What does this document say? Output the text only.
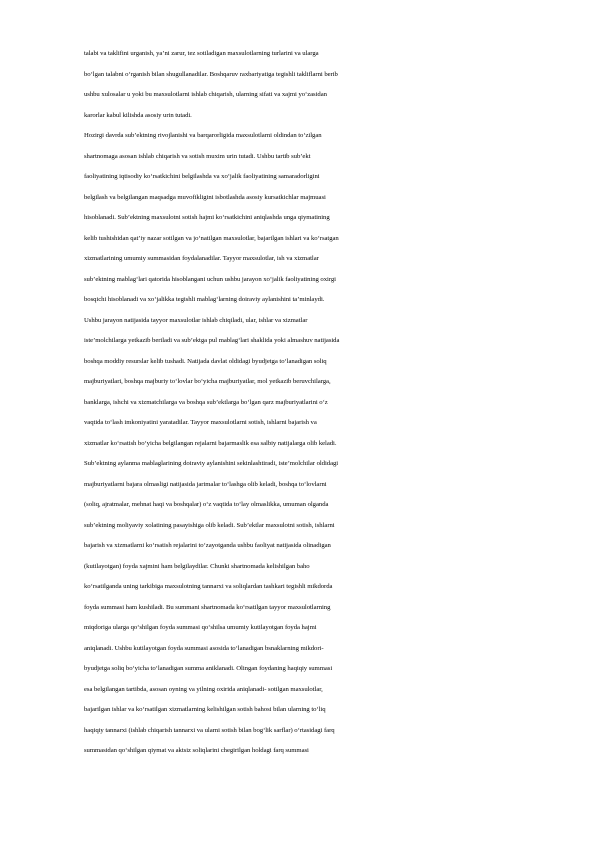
talabi va taklifini urganish, ya’ni zarur, tez sotiladigan maxsulotlarning turlarini va ularga
bo‘lgan talabni o‘rganish bilan shugullanadilar. Boshqaruv raxbariyatiga tegishli takliflarni berib
ushbu xulosalar u yoki bu maxsulotlarni ishlab chiqarish, ularning sifati va xajmi yo‘zasidan
karorlar kabul kilishda asosiy urin tutadi.
Hozirgi davrda sub’ektning rivojlanishi va barqarorligida maxsulotlarni oldindan to‘zilgan
shartnomaga asosan ishlab chiqarish va sotish muxim urin tutadi. Ushbu tartib sub’ekt
faoliyatining iqtisodiy ko‘rsatkichini belgilashda va xo‘jalik faoliyatining samaradorligini
belgilash va belgilangan maqsadga muvofikligini isbotlashda asosiy kursatkichlar majmuasi
hisoblanadi. Sub’ektning maxsulotni sotish hajmi ko‘rsatkichini aniqlashda unga qiymatining
kelib tushishidan qat’iy nazar sotilgan va jo‘natilgan maxsulotlar, bajarilgan ishlari va ko‘rsatgan
xizmatlarining umumiy summasidan foydalanadilar. Tayyor maxsulotlar, ish va xizmatlar
sub’ektning mablag‘lari qatorida hisoblangani uchun ushbu jarayon xo‘jalik faoliyatining oxirgi
bosqichi hisoblanadi va xo‘jalikka tegishli mablag‘larning doiraviy aylanishini ta’minlaydi.
Ushbu jarayon natijasida tayyor maxsulotlar ishlab chiqiladi, ular, ishlar va xizmatlar
iste’molchilarga yetkazib beriladi va sub’ektga pul mablag‘lari shaklida yoki almashuv natijasida
boshqa moddiy resurslar kelib tushadi. Natijada davlat oldidagi byudjetga to‘lanadigan soliq
majburiyatlari, boshqa majburiy to‘lovlar bo‘yicha majburiyatlar, mol yetkazib beruvchilarga,
banklarga, ishchi va xizmatchilarga va boshqa sub’ektlarga bo‘lgan qarz majburiyatlarini o‘z
vaqtida to‘lash imkoniyatini yaratadilar. Tayyor maxsulotlarni sotish, ishlarni bajarish va
xizmatlar ko‘rsatish bo‘yicha belgilangan rejalarni bajarmaslik esa salbiy natijalarga olib keladi.
Sub’ektning aylanma mablaglarining doiraviy aylanishini sekinlashtiradi, iste’molchilar oldidagi
majburiyatlarni bajara olmasligi natijasida jarimalar to‘lashga olib keladi, boshqa to‘lovlarni
(soliq, ajratmalar, mehnat haqi va boshqalar) o‘z vaqtida to‘lay olmaslikka, umuman olganda
sub’ektning moliyaviy xolatining pasayishiga olib keladi. Sub’ektlar maxsulotni sotish, ishlarni
bajarish va xizmatlarni ko‘rsatish rejalarini to‘zayotganda ushbu faoliyat natijasida olinadigan
(kutilayotgan) foyda xajmini ham belgilaydilar. Chunki shartnomada kelishilgan baho
ko‘rsatilganda uning tarkibiga maxsulotning tannarxi va soliqlardan tashkari tegishli mikdorda
foyda summasi ham kushiladi. Bu summani shartnomada ko‘rsatilgan tayyor maxsulotlarning
miqdoriga ularga qo‘shilgan foyda summasi qo‘shilsa umumiy kutilayotgan foyda hajmi
aniqlanadi. Ushbu kutilayotgan foyda summasi asosida to‘lanadigan bsnaklarning mikdori-
byudjetga soliq bo‘yicha to‘lanadigan summa aniklanadi. Olingan foydaning haqiqiy summasi
esa belgilangan tartibda, asosan oyning va yilning oxirida aniqlanadi- sotilgan maxsulotlar,
bajarilgan ishlar va ko‘rsatilgan xizmatlarning kelishilgan sotish bahosi bilan ularning to‘liq
haqiqiy tannarxi (ishlab chiqarish tannarxi va ularni sotish bilan bog‘lik sarflar) o‘rtasidagi farq
summasidan qo‘shilgan qiymat va aktsiz soliqlarini chegirilgan holdagi farq summasi
